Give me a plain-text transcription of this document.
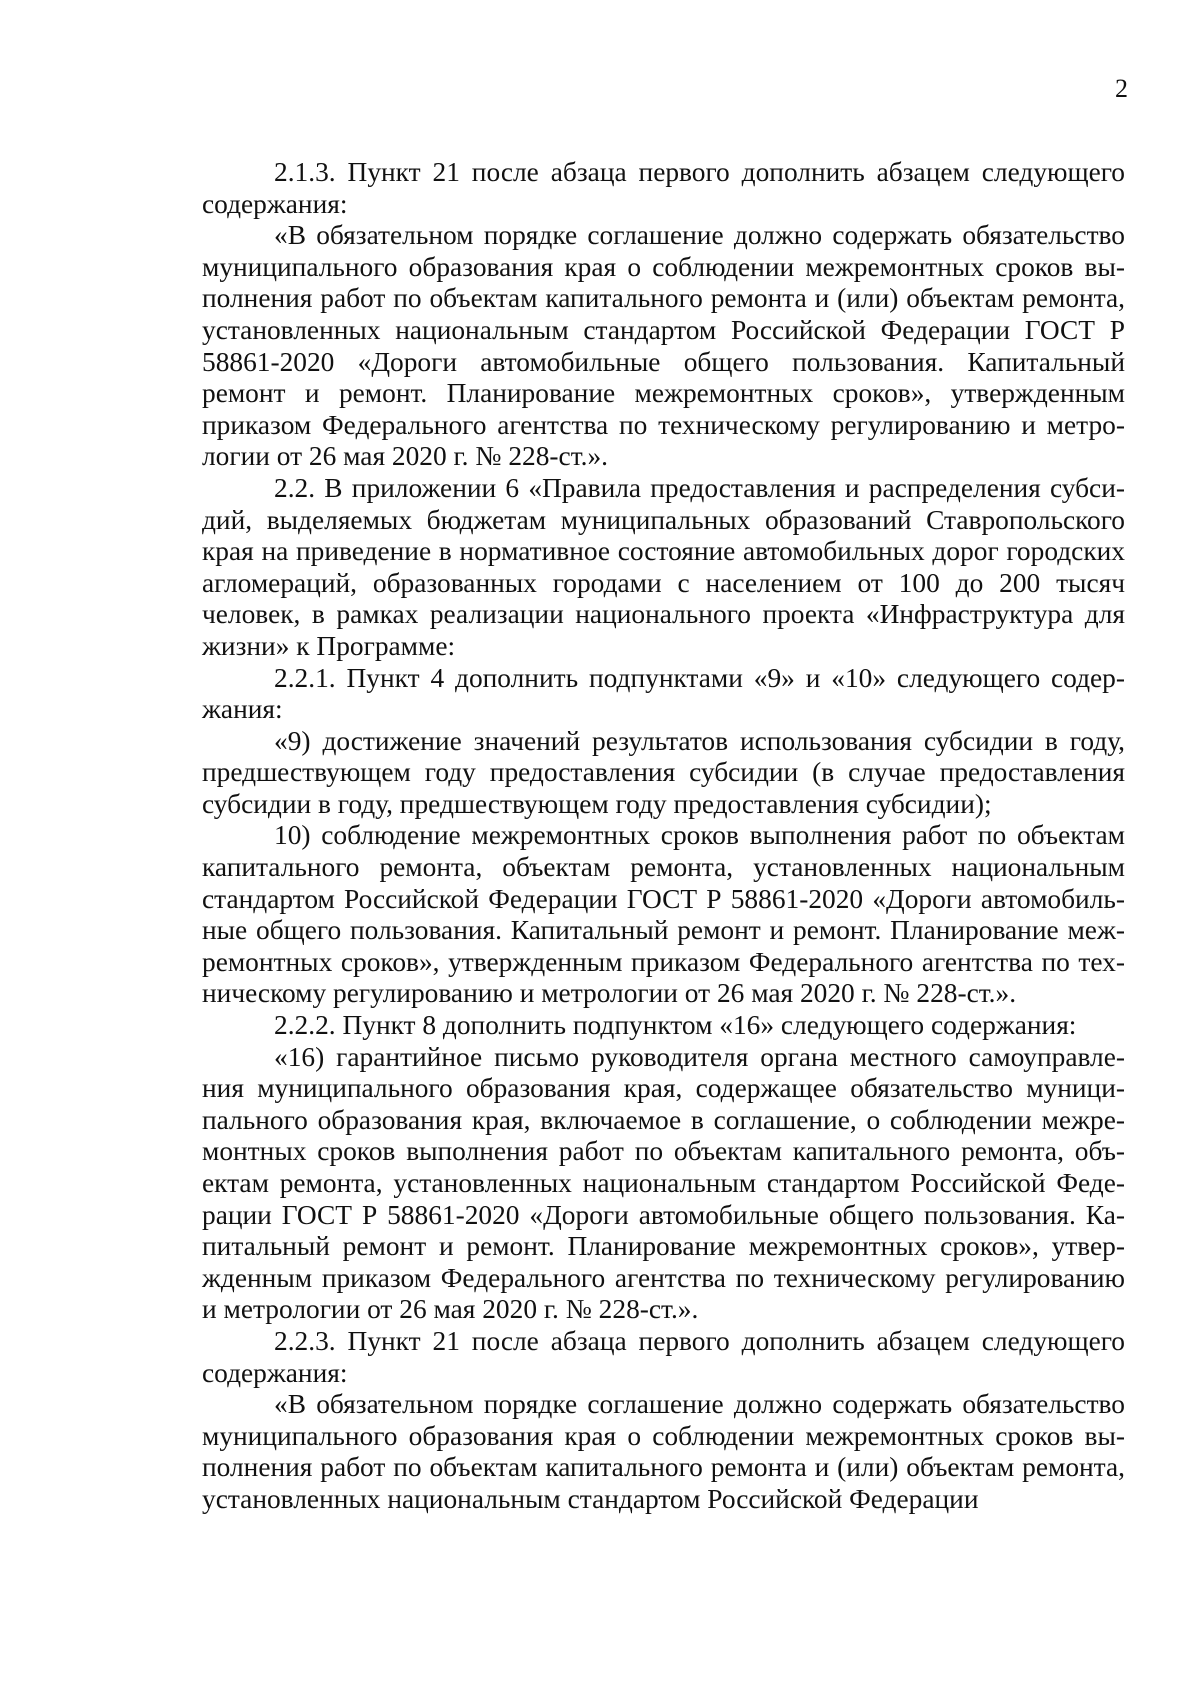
2

2.1.3. Пункт 21 после абзаца первого дополнить абзацем следующего содержания:

«В обязательном порядке соглашение должно содержать обязательство муниципального образования края о соблюдении межремонтных сроков выполнения работ по объектам капитального ремонта и (или) объектам ремонта, установленных национальным стандартом Российской Федерации ГОСТ Р 58861-2020 «Дороги автомобильные общего пользования. Капитальный ремонт и ремонт. Планирование межремонтных сроков», утвержденным приказом Федерального агентства по техническому регулированию и метрологии от 26 мая 2020 г. № 228-ст.».

2.2. В приложении 6 «Правила предоставления и распределения субсидий, выделяемых бюджетам муниципальных образований Ставропольского края на приведение в нормативное состояние автомобильных дорог городских агломераций, образованных городами с населением от 100 до 200 тысяч человек, в рамках реализации национального проекта «Инфраструктура для жизни» к Программе:

2.2.1. Пункт 4 дополнить подпунктами «9» и «10» следующего содержания:

«9) достижение значений результатов использования субсидии в году, предшествующем году предоставления субсидии (в случае предоставления субсидии в году, предшествующем году предоставления субсидии);

10) соблюдение межремонтных сроков выполнения работ по объектам капитального ремонта, объектам ремонта, установленных национальным стандартом Российской Федерации ГОСТ Р 58861-2020 «Дороги автомобильные общего пользования. Капитальный ремонт и ремонт. Планирование межремонтных сроков», утвержденным приказом Федерального агентства по техническому регулированию и метрологии от 26 мая 2020 г. № 228-ст.».

2.2.2. Пункт 8 дополнить подпунктом «16» следующего содержания:

«16) гарантийное письмо руководителя органа местного самоуправления муниципального образования края, содержащее обязательство муниципального образования края, включаемое в соглашение, о соблюдении межремонтных сроков выполнения работ по объектам капитального ремонта, объектам ремонта, установленных национальным стандартом Российской Федерации ГОСТ Р 58861-2020 «Дороги автомобильные общего пользования. Капитальный ремонт и ремонт. Планирование межремонтных сроков», утвержденным приказом Федерального агентства по техническому регулированию и метрологии от 26 мая 2020 г. № 228-ст.».

2.2.3. Пункт 21 после абзаца первого дополнить абзацем следующего содержания:

«В обязательном порядке соглашение должно содержать обязательство муниципального образования края о соблюдении межремонтных сроков выполнения работ по объектам капитального ремонта и (или) объектам ремонта, установленных национальным стандартом Российской Федерации
